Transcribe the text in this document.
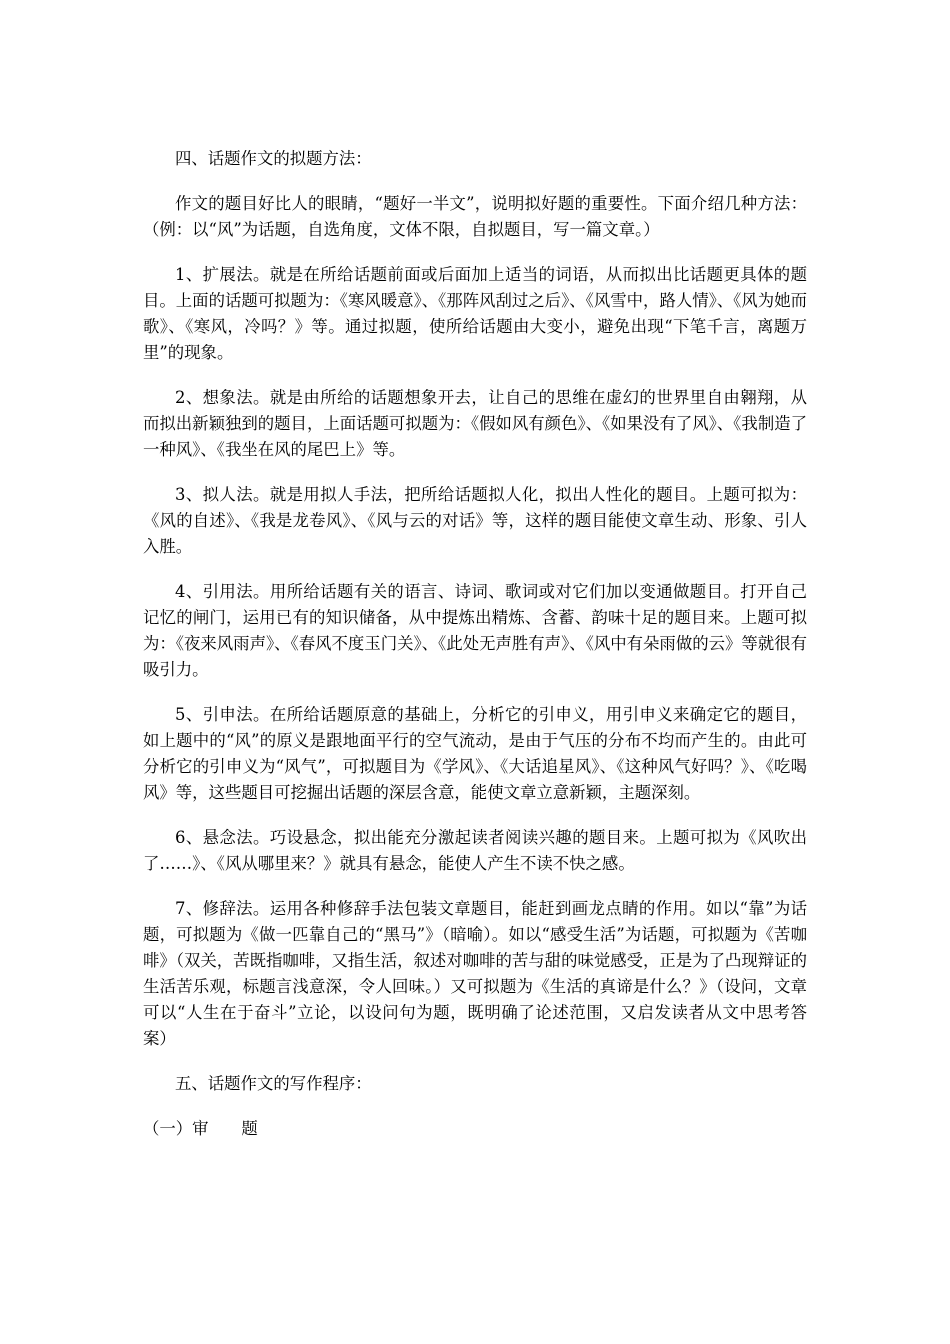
四、话题作文的拟题方法：

作文的题目好比人的眼睛，“题好一半文”，说明拟好题的重要性。下面介绍几种方法：（例：以“风”为话题，自选角度，文体不限，自拟题目，写一篇文章。）

1、扩展法。就是在所给话题前面或后面加上适当的词语，从而拟出比话题更具体的题目。上面的话题可拟题为：《寒风暖意》、《那阵风刮过之后》、《风雪中，路人情》、《风为她而歌》、《寒风，冷吗？》等。通过拟题，使所给话题由大变小，避免出现“下笔千言，离题万里”的现象。

2、想象法。就是由所给的话题想象开去，让自己的思维在虚幻的世界里自由翱翔，从而拟出新颖独到的题目，上面话题可拟题为：《假如风有颜色》、《如果没有了风》、《我制造了一种风》、《我坐在风的尾巴上》等。

3、拟人法。就是用拟人手法，把所给话题拟人化，拟出人性化的题目。上题可拟为：《风的自述》、《我是龙卷风》、《风与云的对话》等，这样的题目能使文章生动、形象、引人入胜。

4、引用法。用所给话题有关的语言、诗词、歌词或对它们加以变通做题目。打开自己记忆的闸门，运用已有的知识储备，从中提炼出精炼、含蓄、韵味十足的题目来。上题可拟为：《夜来风雨声》、《春风不度玉门关》、《此处无声胜有声》、《风中有朵雨做的云》等就很有吸引力。

5、引申法。在所给话题原意的基础上，分析它的引申义，用引申义来确定它的题目，如上题中的“风”的原义是跟地面平行的空气流动，是由于气压的分布不均而产生的。由此可分析它的引申义为“风气”，可拟题目为《学风》、《大话追星风》、《这种风气好吗？》、《吃喝风》等，这些题目可挖掘出话题的深层含意，能使文章立意新颖，主题深刻。

6、悬念法。巧设悬念，拟出能充分激起读者阅读兴趣的题目来。上题可拟为《风吹出了……》、《风从哪里来？》就具有悬念，能使人产生不读不快之感。

7、修辞法。运用各种修辞手法包装文章题目，能赶到画龙点睛的作用。如以“靠”为话题，可拟题为《做一匹靠自己的“黑马”》（暗喻）。如以“感受生活”为话题，可拟题为《苦咖啡》（双关，苦既指咖啡，又指生活，叙述对咖啡的苦与甜的味觉感受，正是为了凸现辩证的生活苦乐观，标题言浅意深，令人回味。）又可拟题为《生活的真谛是什么？》（设问，文章可以“人生在于奋斗”立论，以设问句为题，既明确了论述范围，又启发读者从文中思考答案）

五、话题作文的写作程序：

（一）审　　题
